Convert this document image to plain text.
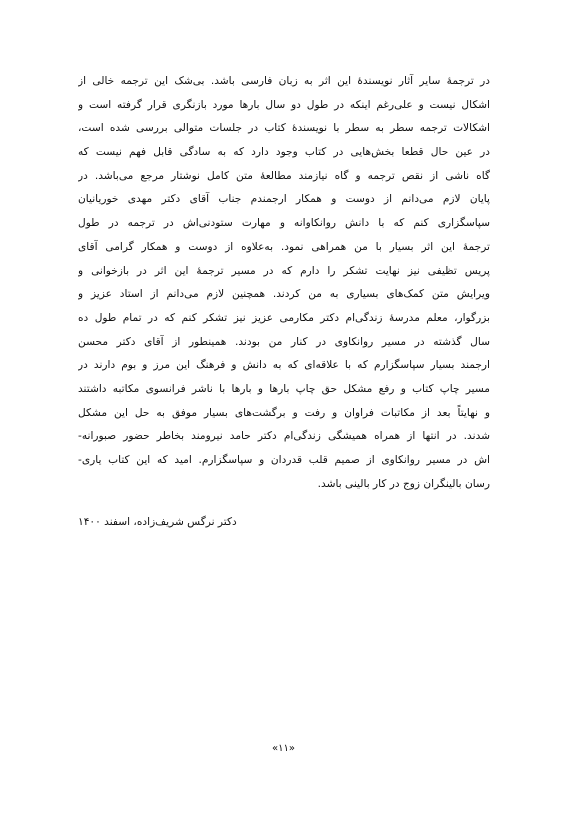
در ترجمهٔ سایر آثار نویسندهٔ این اثر به زبان فارسی باشد. بی‌شک این ترجمه خالی از
اشکال نیست و علی‌رغم اینکه در طول دو سال بارها مورد بازنگری قرار گرفته است و
اشکالات ترجمه سطر به سطر با نویسندهٔ کتاب در جلسات متوالی بررسی شده است،
در عین حال قطعا بخش‌هایی در کتاب وجود دارد که به سادگی قابل فهم نیست که
گاه ناشی از نقص ترجمه و گاه نیازمند مطالعهٔ متن کامل نوشتار مرجع می‌باشد. در
پایان لازم می‌دانم از دوست و همکار ارجمندم جناب آقای دکتر مهدی خوریانیان
سپاسگزاری کنم که با دانش روانکاوانه و مهارت ستودنی‌اش در ترجمه در طول
ترجمهٔ این اثر بسیار با من همراهی نمود. به‌علاوه از دوست و همکار گرامی آقای
پریس تظیفی نیز نهایت تشکر را دارم که در مسیر ترجمهٔ این اثر در بازخوانی و
ویرایش متن کمک‌های بسیاری به من کردند. همچنین لازم می‌دانم از استاد عزیز و
بزرگوار، معلم مدرسهٔ زندگی‌ام دکتر مکارمی عزیز نیز تشکر کنم که در تمام طول ده
سال گذشته در مسیر روانکاوی در کنار من بودند. همینطور از آقای دکتر محسن
ارجمند بسیار سپاسگزارم که با علاقه‌ای که به دانش و فرهنگ این مرز و بوم دارند در
مسیر چاپ کتاب و رفع مشکل حق چاپ بارها و بارها با ناشر فرانسوی مکاتبه داشتند
و نهایتاً بعد از مکاتبات فراوان و رفت و برگشت‌های بسیار موفق به حل این مشکل
شدند. در انتها از همراه همیشگی زندگی‌ام دکتر حامد نیرومند بخاطر حضور صبورانه‌-
اش در مسیر روانکاوی از صمیم قلب قدردان و سپاسگزارم. امید که این کتاب یاری-
رسان بالینگران زوج در کار بالینی باشد.
دکتر نرگس شریف‌زاده، اسفند ۱۴۰۰
«۱۱»
